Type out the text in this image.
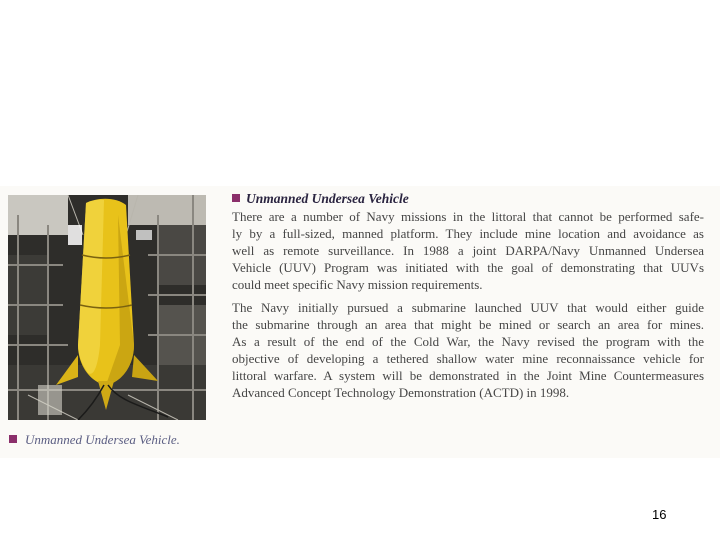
Unmanned Undersea Vehicle.
Unmanned Undersea Vehicle
There are a number of Navy missions in the littoral that cannot be performed safe-
ly by a full-sized, manned platform. They include mine location and avoidance as
well as remote surveillance. In 1988 a joint DARPA/Navy Unmanned Undersea
Vehicle (UUV) Program was initiated with the goal of demonstrating that UUVs
could meet specific Navy mission requirements.
The Navy initially pursued a submarine launched UUV that would either guide
the submarine through an area that might be mined or search an area for mines.
As a result of the end of the Cold War, the Navy revised the program with the
objective of developing a tethered shallow water mine reconnaissance vehicle for
littoral warfare. A system will be demonstrated in the Joint Mine Countermeasures
Advanced Concept Technology Demonstration (ACTD) in 1998.
16
